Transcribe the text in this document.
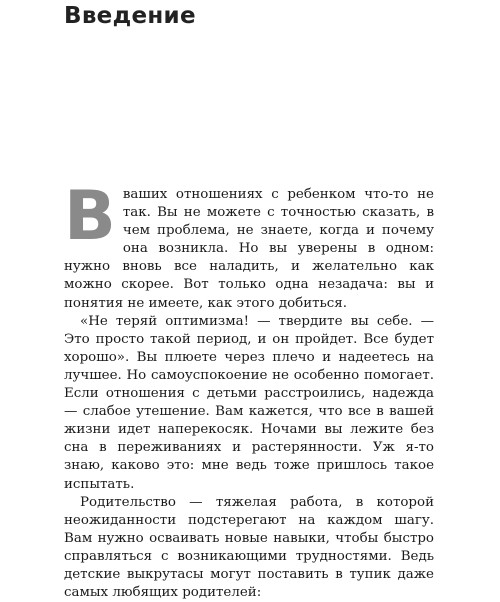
Введение

Вваших отношениях с ребенком что-то не так. Вы не можете с точностью сказать, в чем проблема, не знаете, когда и почему она возникла. Но вы уверены в одном: нужно вновь все наладить, и желательно как можно скорее. Вот только одна незадача: вы и понятия не имеете, как этого добиться.

«Не теряй оптимизма! — твердите вы себе. — Это просто такой период, и он пройдет. Все будет хорошо». Вы плюете через плечо и надеетесь на лучшее. Но самоуспокоение не особенно помогает. Если отношения с детьми расстроились, надежда — слабое утешение. Вам кажется, что все в вашей жизни идет наперекосяк. Ночами вы лежите без сна в переживаниях и растерянности. Уж я-то знаю, каково это: мне ведь тоже пришлось такое испытать.

Родительство — тяжелая работа, в которой неожиданности подстерегают на каждом шагу. Вам нужно осваивать новые навыки, чтобы быстро справляться с возникающими трудностями. Ведь детские выкрутасы могут поставить в тупик даже самых любящих родителей:
